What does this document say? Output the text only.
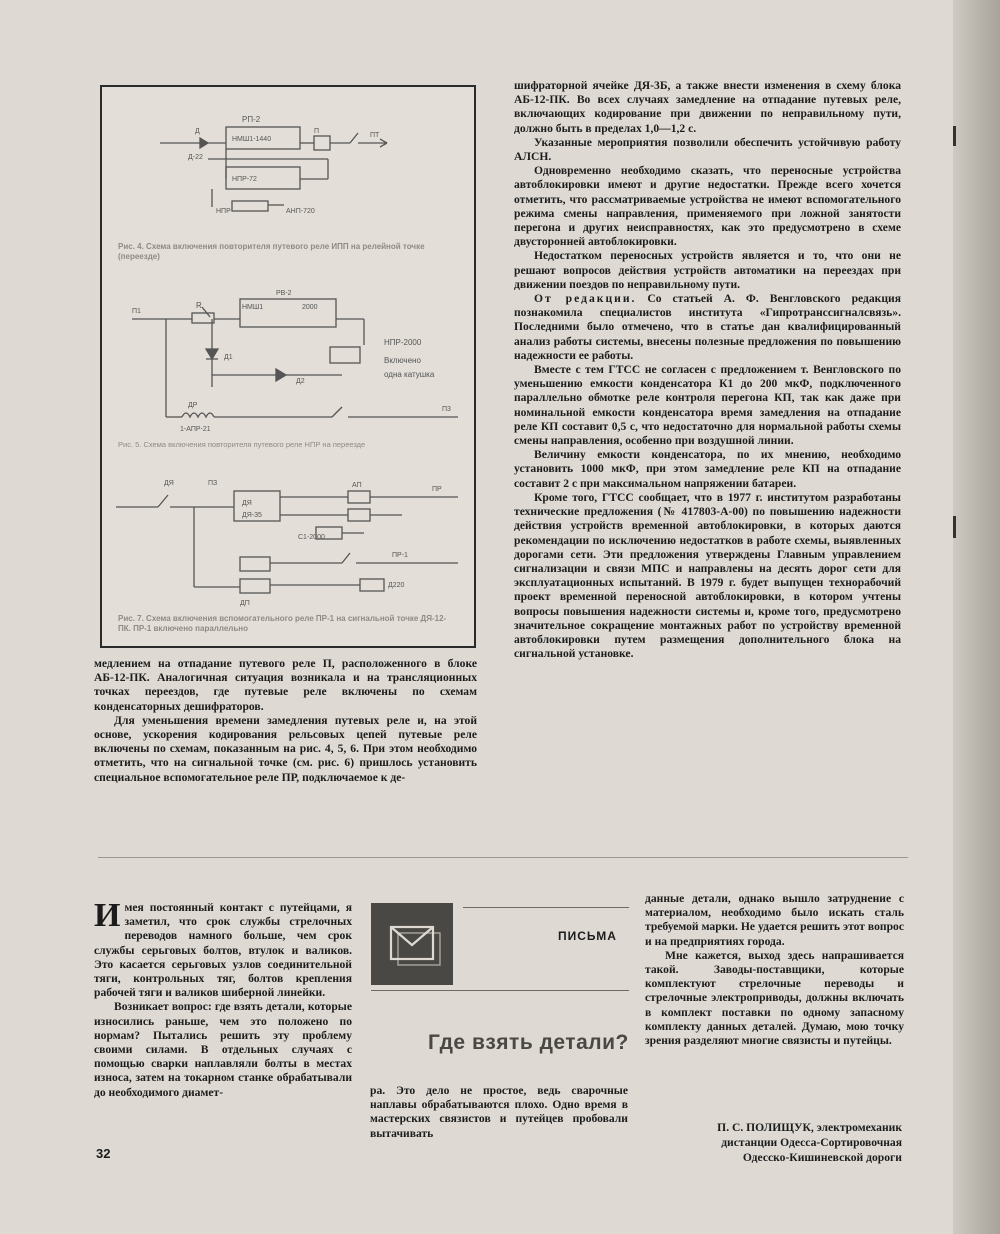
РП-2
НМШ1-1440
Д
Д-22
П
НПР-72
НПР	АНП-720
ПТ
РВ-2
НМШ1	2000
R
П1
Д1
Д2
НПР-2000
Включено
одна катушка
ДР
1-АПР-21
П3
Рис. 5. Схема включения повторителя путевого реле НПР на переезде
ДЯ	ПЗ
ДЯ
ДЯ-35
АП
ПР
С1-2000
ПР-1
Д220
ДП
Рис. 4. Схема включения повторителя путевого реле ИПП на релейной точке (переезде)
Рис. 7. Схема включения вспомогательного реле ПР-1 на сигнальной точке ДЯ-12-ПК. ПР-1 включено параллельно

медлением на отпадание путевого реле П, расположенного в блоке АБ-12-ПК. Аналогичная ситуация возникала и на трансляционных точках переездов, где путевые реле включены по схемам конденсаторных дешифраторов.

Для уменьшения времени замедления путевых реле и, на этой основе, ускорения кодирования рельсовых цепей путевые реле включены по схемам, показанным на рис. 4, 5, 6. При этом необходимо отметить, что на сигнальной точке (см. рис. 6) пришлось установить специальное вспомогательное реле ПР, подключаемое к де-

шифраторной ячейке ДЯ-3Б, а также внести изменения в схему блока АБ-12-ПК. Во всех случаях замедление на отпадание путевых реле, включающих кодирование при движении по неправильному пути, должно быть в пределах 1,0—1,2 с.

Указанные мероприятия позволили обеспечить устойчивую работу АЛСН.

Одновременно необходимо сказать, что переносные устройства автоблокировки имеют и другие недостатки. Прежде всего хочется отметить, что рассматриваемые устройства не имеют вспомогательного режима смены направления, применяемого при ложной занятости перегона и других неисправностях, как это предусмотрено в схеме двусторонней автоблокировки.

Недостатком переносных устройств является и то, что они не решают вопросов действия устройств автоматики на переездах при движении поездов по неправильному пути.

От редакции. Со статьей А. Ф. Венгловского редакция познакомила специалистов института «Гипротранссигналсвязь». Последними было отмечено, что в статье дан квалифицированный анализ работы системы, внесены полезные предложения по повышению надежности ее работы.

Вместе с тем ГТСС не согласен с предложением т. Венгловского по уменьшению емкости конденсатора К1 до 200 мкФ, подключенного параллельно обмотке реле контроля перегона КП, так как даже при номинальной емкости конденсатора время замедления на отпадание реле КП составит 0,5 с, что недостаточно для нормальной работы схемы смены направления, особенно при воздушной линии.

Величину емкости конденсатора, по их мнению, необходимо установить 1000 мкФ, при этом замедление реле КП на отпадание составит 2 с при максимальном напряжении батареи.

Кроме того, ГТСС сообщает, что в 1977 г. институтом разработаны технические предложения (№ 417803-А-00) по повышению надежности действия устройств временной автоблокировки, в которых даются рекомендации по исключению недостатков в работе схемы, выявленных дорогами сети. Эти предложения утверждены Главным управлением сигнализации и связи МПС и направлены на десять дорог сети для эксплуатационных испытаний. В 1979 г. будет выпущен технорабочий проект временной переносной автоблокировки, в котором учтены вопросы повышения надежности системы и, кроме того, предусмотрено значительное сокращение монтажных работ по устройству временной автоблокировки путем размещения дополнительного блока на сигнальной установке.

Имея постоянный контакт с путейцами, я заметил, что срок службы стрелочных переводов намного больше, чем срок службы серьговых болтов, втулок и валиков. Это касается серьговых узлов соединительной тяги, контрольных тяг, болтов крепления рабочей тяги и валиков шиберной линейки.

Возникает вопрос: где взять детали, которые износились раньше, чем это положено по нормам? Пытались решить эту проблему своими силами. В отдельных случаях с помощью сварки наплавляли болты в местах износа, затем на токарном станке обрабатывали до необходимого диамет-

ПИСЬМА
Где взять детали?

ра. Это дело не простое, ведь сварочные наплавы обрабатываются плохо. Одно время в мастерских связистов и путейцев пробовали вытачивать

данные детали, однако вышло затруднение с материалом, необходимо было искать сталь требуемой марки. Не удается решить этот вопрос и на предприятиях города.

Мне кажется, выход здесь напрашивается такой. Заводы-поставщики, которые комплектуют стрелочные переводы и стрелочные электроприводы, должны включать в комплект поставки по одному запасному комплекту данных деталей. Думаю, мою точку зрения разделяют многие связисты и путейцы.

П. С. ПОЛИЩУК, электромеханик
дистанции Одесса-Сортировочная
Одесско-Кишиневской дороги
32
